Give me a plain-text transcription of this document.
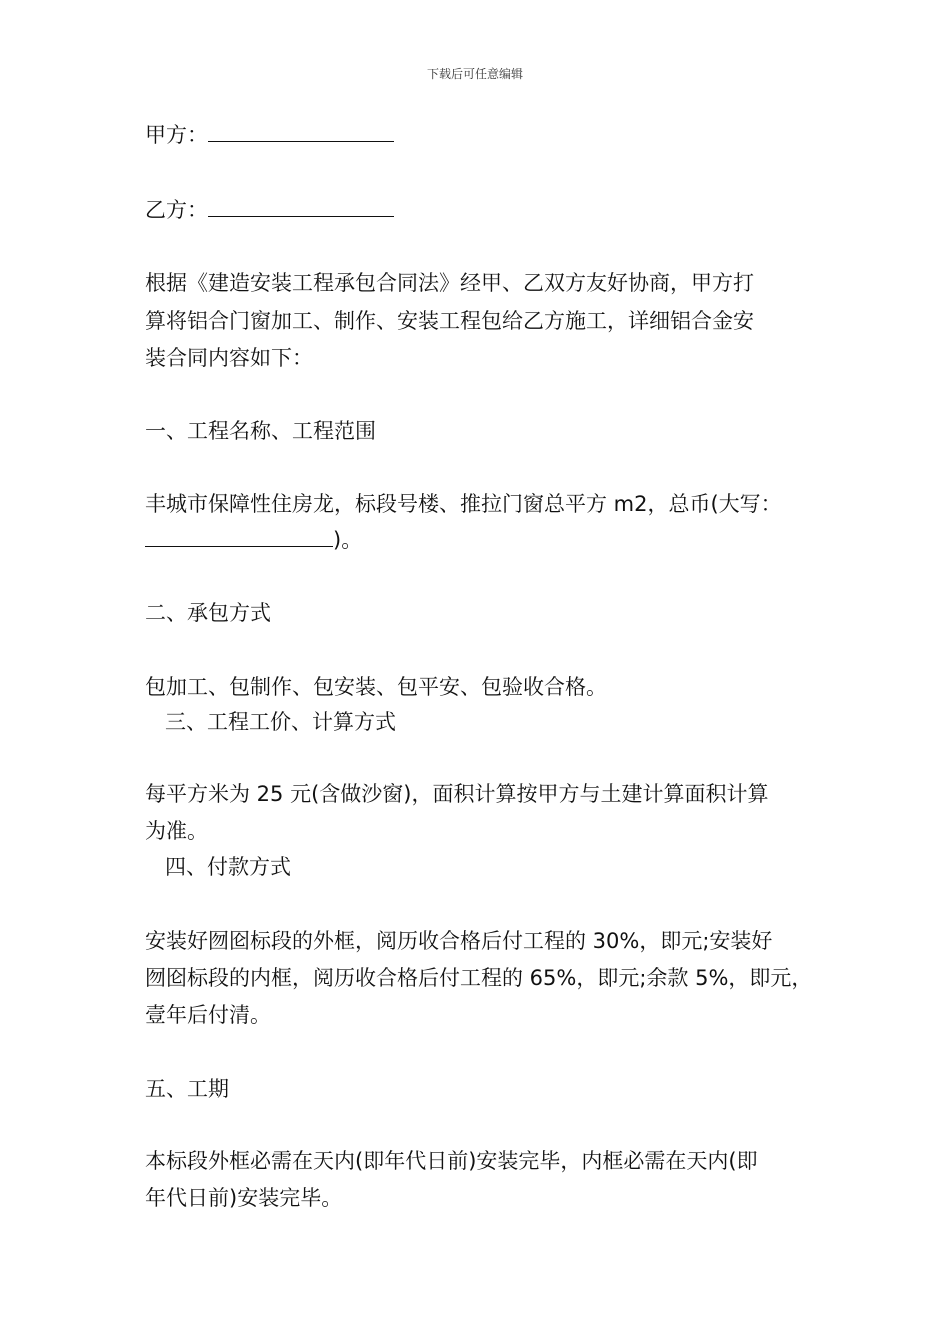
下载后可任意编辑
甲方：
乙方：
根据《建造安装工程承包合同法》经甲、乙双方友好协商，甲方打
算将铝合门窗加工、制作、安装工程包给乙方施工，详细铝合金安
装合同内容如下：
一、工程名称、工程范围
丰城市保障性住房龙，标段号楼、推拉门窗总平方 m2，总币(大写：
)。
二、承包方式
包加工、包制作、包安装、包平安、包验收合格。
三、工程工价、计算方式
每平方米为 25 元(含做沙窗)，面积计算按甲方与土建计算面积计算
为准。
四、付款方式
安装好囫囵标段的外框，阅历收合格后付工程的 30%，即元;安装好
囫囵标段的内框，阅历收合格后付工程的 65%，即元;余款 5%，即元，
壹年后付清。
五、工期
本标段外框必需在天内(即年代日前)安装完毕，内框必需在天内(即
年代日前)安装完毕。
